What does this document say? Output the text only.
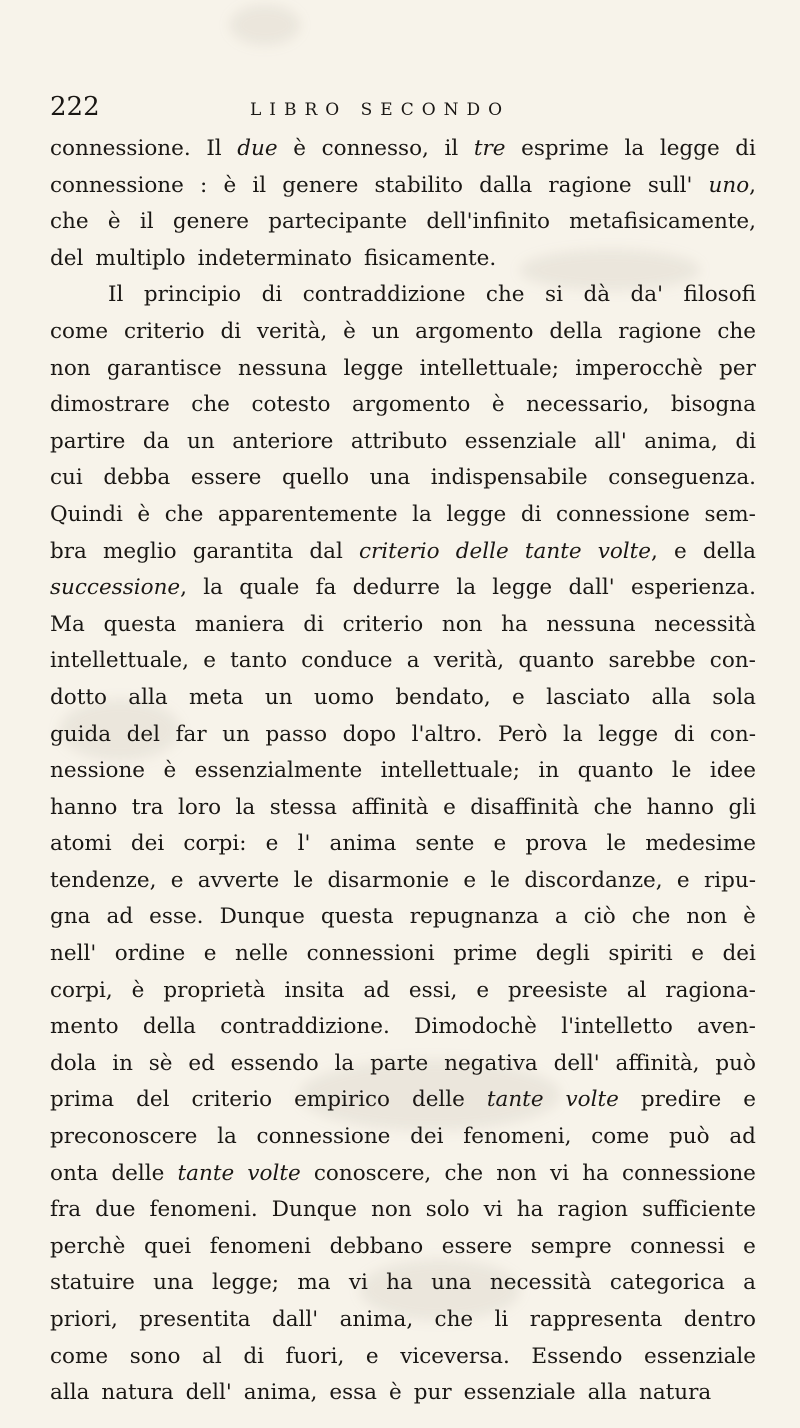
222	LIBRO SECONDO
connessione. Il due è connesso, il tre esprime la legge di
connessione : è il genere stabilito dalla ragione sull' uno,
che è il genere partecipante dell'infinito metafisicamente,
del multiplo indeterminato fisicamente.
Il principio di contraddizione che si dà da' filosofi
come criterio di verità, è un argomento della ragione che
non garantisce nessuna legge intellettuale; imperocchè per
dimostrare che cotesto argomento è necessario, bisogna
partire da un anteriore attributo essenziale all' anima, di
cui debba essere quello una indispensabile conseguenza.
Quindi è che apparentemente la legge di connessione sem-
bra meglio garantita dal criterio delle tante volte, e della
successione, la quale fa dedurre la legge dall' esperienza.
Ma questa maniera di criterio non ha nessuna necessità
intellettuale, e tanto conduce a verità, quanto sarebbe con-
dotto alla meta un uomo bendato, e lasciato alla sola
guida del far un passo dopo l'altro. Però la legge di con-
nessione è essenzialmente intellettuale; in quanto le idee
hanno tra loro la stessa affinità e disaffinità che hanno gli
atomi dei corpi: e l' anima sente e prova le medesime
tendenze, e avverte le disarmonie e le discordanze, e ripu-
gna ad esse. Dunque questa repugnanza a ciò che non è
nell' ordine e nelle connessioni prime degli spiriti e dei
corpi, è proprietà insita ad essi, e preesiste al ragiona-
mento della contraddizione. Dimodochè l'intelletto aven-
dola in sè ed essendo la parte negativa dell' affinità, può
prima del criterio empirico delle tante volte predire e
preconoscere la connessione dei fenomeni, come può ad
onta delle tante volte conoscere, che non vi ha connessione
fra due fenomeni. Dunque non solo vi ha ragion sufficiente
perchè quei fenomeni debbano essere sempre connessi e
statuire una legge; ma vi ha una necessità categorica a
priori, presentita dall' anima, che li rappresenta dentro
come sono al di fuori, e viceversa. Essendo essenziale
alla natura dell' anima, essa è pur essenziale alla natura
